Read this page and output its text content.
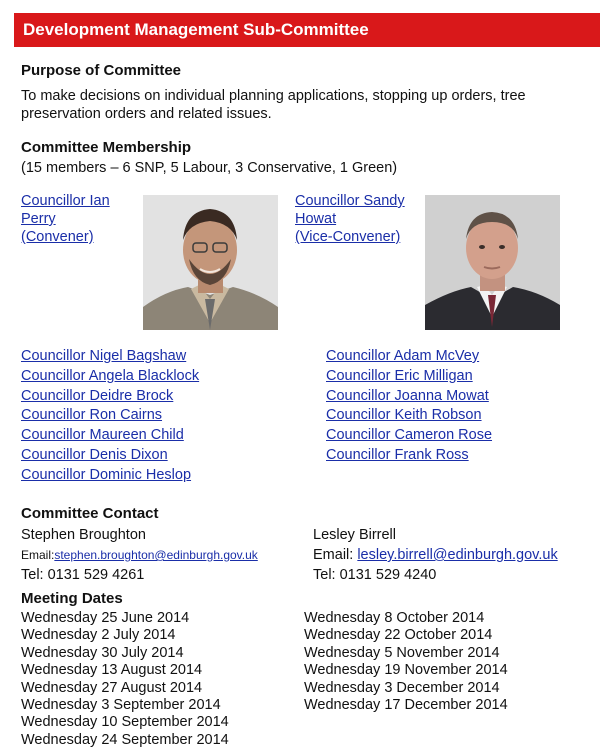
Development Management Sub-Committee
Purpose of Committee
To make decisions on individual planning applications, stopping up orders, tree
preservation orders and related issues.
Committee Membership
(15 members – 6 SNP, 5 Labour, 3 Conservative, 1 Green)
Councillor Ian
Perry
(Convener)
Councillor Sandy
Howat
(Vice-Convener)
Councillor Nigel Bagshaw
Councillor Angela Blacklock
Councillor Deidre Brock
Councillor Ron Cairns
Councillor Maureen Child
Councillor Denis Dixon
Councillor Dominic Heslop
Councillor Adam McVey
Councillor Eric Milligan
Councillor Joanna Mowat
Councillor Keith Robson
Councillor Cameron Rose
Councillor Frank Ross
Committee Contact
Stephen Broughton
Email:stephen.broughton@edinburgh.gov.uk
Tel: 0131 529 4261
Lesley Birrell
Email: lesley.birrell@edinburgh.gov.uk
Tel: 0131 529 4240
Meeting Dates
Wednesday 25 June 2014
Wednesday 2 July 2014
Wednesday 30 July 2014
Wednesday 13 August 2014
Wednesday 27 August 2014
Wednesday 3 September 2014
Wednesday 10 September 2014
Wednesday 24 September 2014
Wednesday 8 October 2014
Wednesday 22 October 2014
Wednesday 5 November 2014
Wednesday 19 November 2014
Wednesday 3 December 2014
Wednesday 17 December 2014
